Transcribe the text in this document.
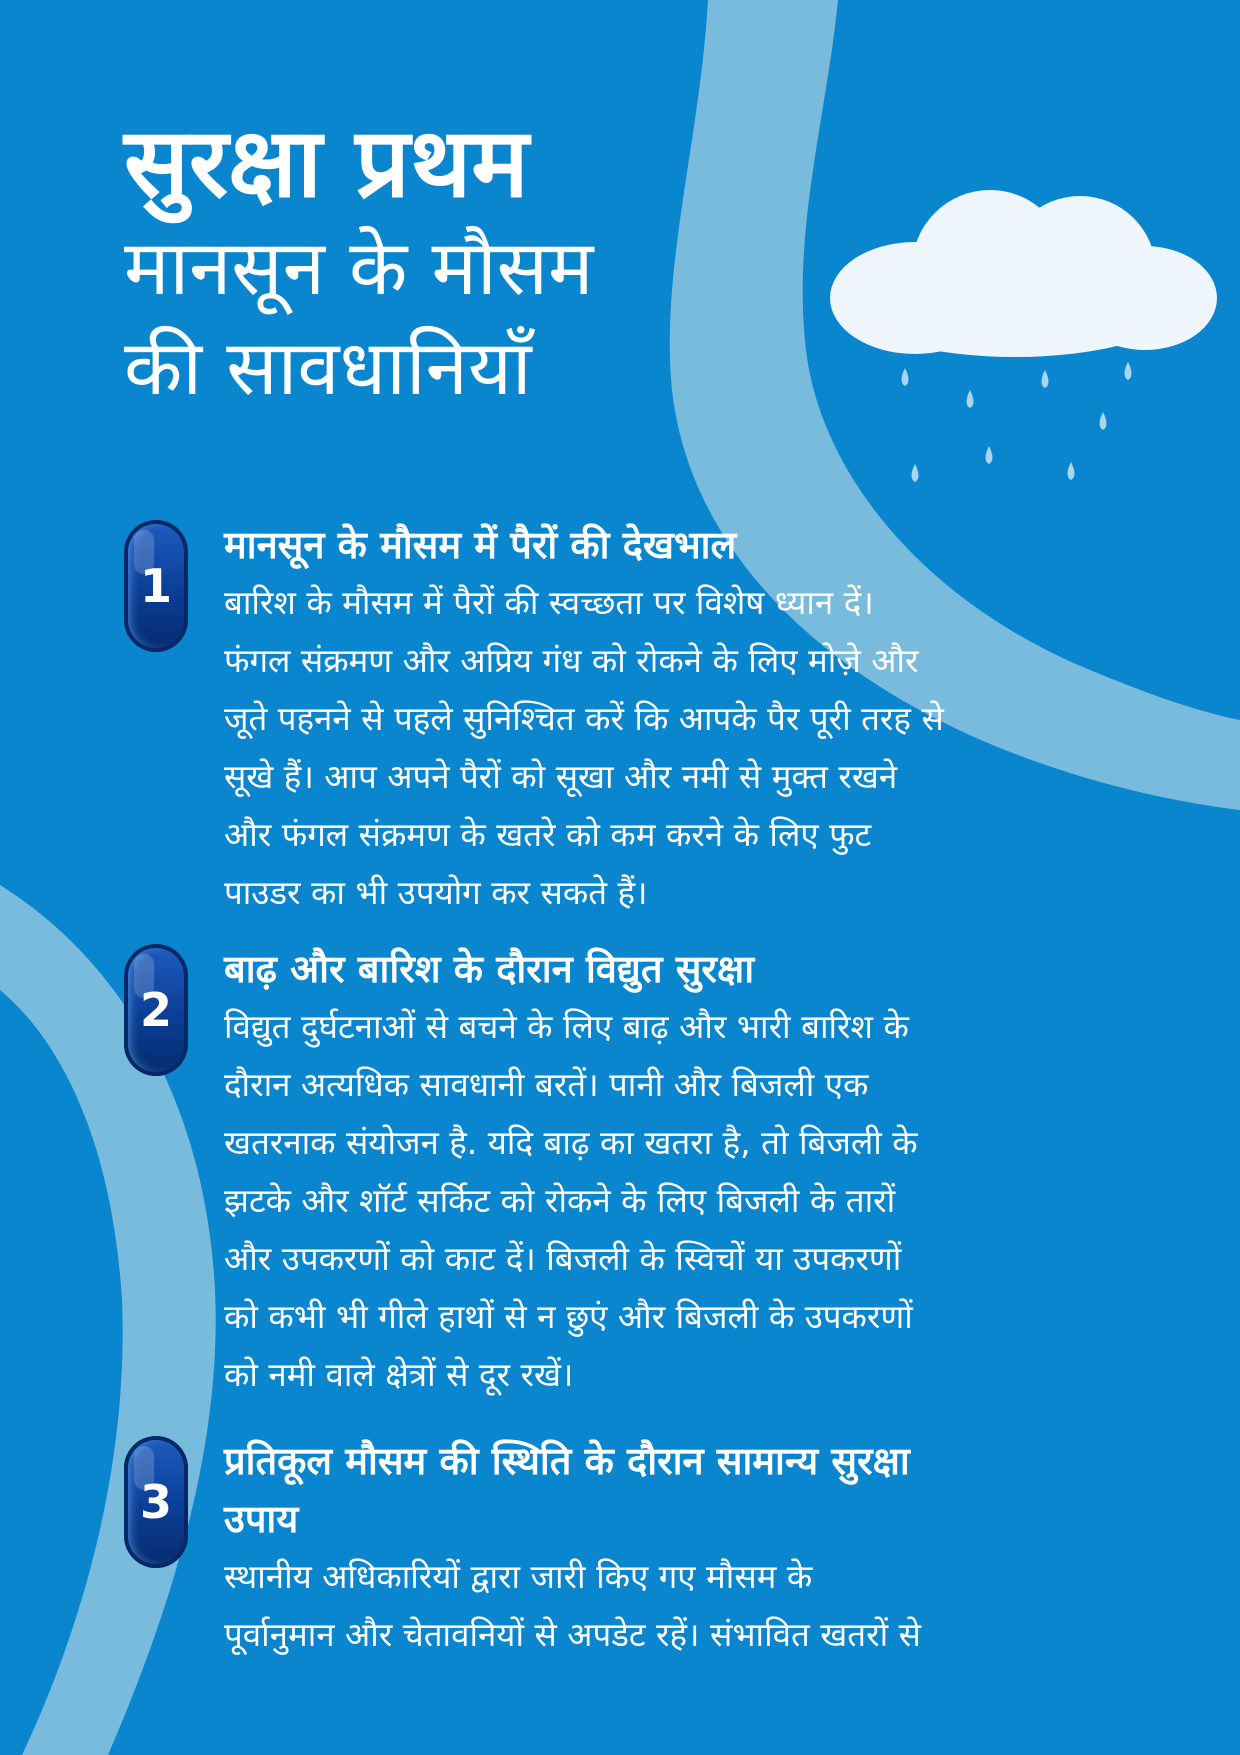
सुरक्षा प्रथम
मानसून के मौसम
की सावधानियाँ
1
मानसून के मौसम में पैरों की देखभाल

बारिश के मौसम में पैरों की स्वच्छता पर विशेष ध्यान दें।
फंगल संक्रमण और अप्रिय गंध को रोकने के लिए मोज़े और
जूते पहनने से पहले सुनिश्चित करें कि आपके पैर पूरी तरह से
सूखे हैं। आप अपने पैरों को सूखा और नमी से मुक्त रखने
और फंगल संक्रमण के खतरे को कम करने के लिए फुट
पाउडर का भी उपयोग कर सकते हैं।

2
बाढ़ और बारिश के दौरान विद्युत सुरक्षा

विद्युत दुर्घटनाओं से बचने के लिए बाढ़ और भारी बारिश के
दौरान अत्यधिक सावधानी बरतें। पानी और बिजली एक
खतरनाक संयोजन है. यदि बाढ़ का खतरा है, तो बिजली के
झटके और शॉर्ट सर्किट को रोकने के लिए बिजली के तारों
और उपकरणों को काट दें। बिजली के स्विचों या उपकरणों
को कभी भी गीले हाथों से न छुएं और बिजली के उपकरणों
को नमी वाले क्षेत्रों से दूर रखें।

3
प्रतिकूल मौसम की स्थिति के दौरान सामान्य सुरक्षा
उपाय

स्थानीय अधिकारियों द्वारा जारी किए गए मौसम के
पूर्वानुमान और चेतावनियों से अपडेट रहें। संभावित खतरों से
